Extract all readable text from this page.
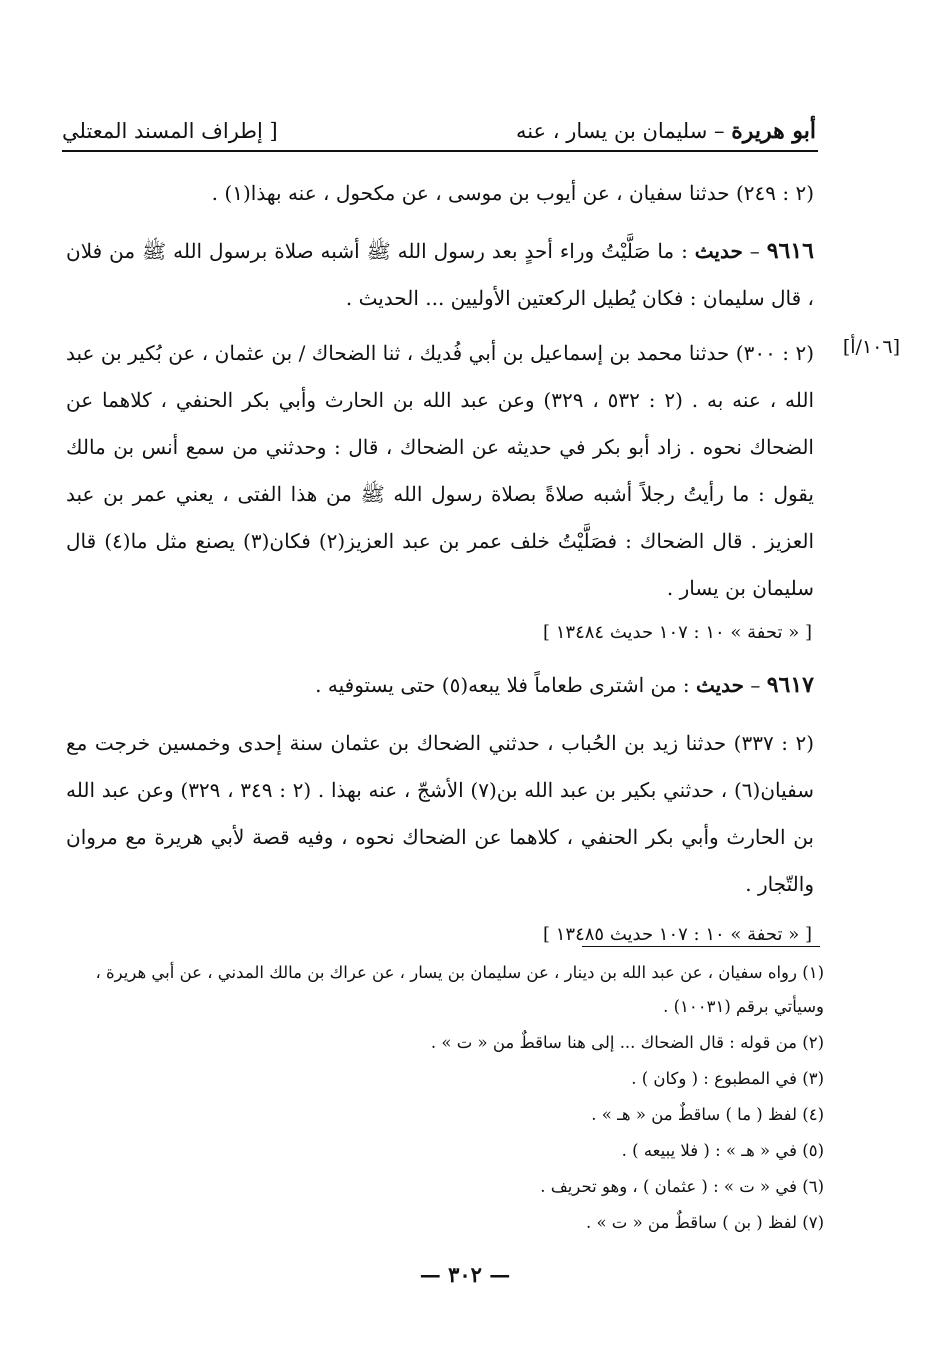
أبو هريرة – سليمان بن يسار ، عنه
[ إطراف المسند المعتلي
(٢ : ٢٤٩) حدثنا سفيان ، عن أيوب بن موسى ، عن مكحول ، عنه بهذا(١) .
٩٦١٦ – حديث : ما صَلَّيْتُ وراء أحدٍ بعد رسول الله ﷺ أشبه صلاة برسول الله ﷺ من فلان ، قال سليمان : فكان يُطيل الركعتين الأوليين ... الحديث .
[١٠٦/أ]
(٢ : ٣٠٠) حدثنا محمد بن إسماعيل بن أبي فُديك ، ثنا الضحاك / بن عثمان ، عن بُكير بن عبد الله ، عنه به . (٢ : ٥٣٢ ، ٣٢٩) وعن عبد الله بن الحارث وأبي بكر الحنفي ، كلاهما عن الضحاك نحوه . زاد أبو بكر في حديثه عن الضحاك ، قال : وحدثني من سمع أنس بن مالك يقول : ما رأيتُ رجلاً أشبه صلاةً بصلاة رسول الله ﷺ من هذا الفتى ، يعني عمر بن عبد العزيز . قال الضحاك : فصَلَّيْتُ خلف عمر بن عبد العزيز(٢) فكان(٣) يصنع مثل ما(٤) قال سليمان بن يسار .
[ « تحفة » ١٠ : ١٠٧ حديث ١٣٤٨٤ ]
٩٦١٧ – حديث : من اشترى طعاماً فلا يبعه(٥) حتى يستوفيه .
(٢ : ٣٣٧) حدثنا زيد بن الحُباب ، حدثني الضحاك بن عثمان سنة إحدى وخمسين خرجت مع سفيان(٦) ، حدثني بكير بن عبد الله بن(٧) الأشجّ ، عنه بهذا . (٢ : ٣٤٩ ، ٣٢٩) وعن عبد الله بن الحارث وأبي بكر الحنفي ، كلاهما عن الضحاك نحوه ، وفيه قصة لأبي هريرة مع مروان والتّجار .
[ « تحفة » ١٠ : ١٠٧ حديث ١٣٤٨٥ ]
(١) رواه سفيان ، عن عبد الله بن دينار ، عن سليمان بن يسار ، عن عراك بن مالك المدني ، عن أبي هريرة ، وسيأتي برقم (١٠٠٣١) .
(٢) من قوله : قال الضحاك ... إلى هنا ساقطٌ من « ت » .
(٣) في المطبوع : ( وكان ) .
(٤) لفظ ( ما ) ساقطٌ من « هـ » .
(٥) في « هـ » : ( فلا يبيعه ) .
(٦) في « ت » : ( عثمان ) ، وهو تحريف .
(٧) لفظ ( بن ) ساقطٌ من « ت » .
— ٣٠٢ —
